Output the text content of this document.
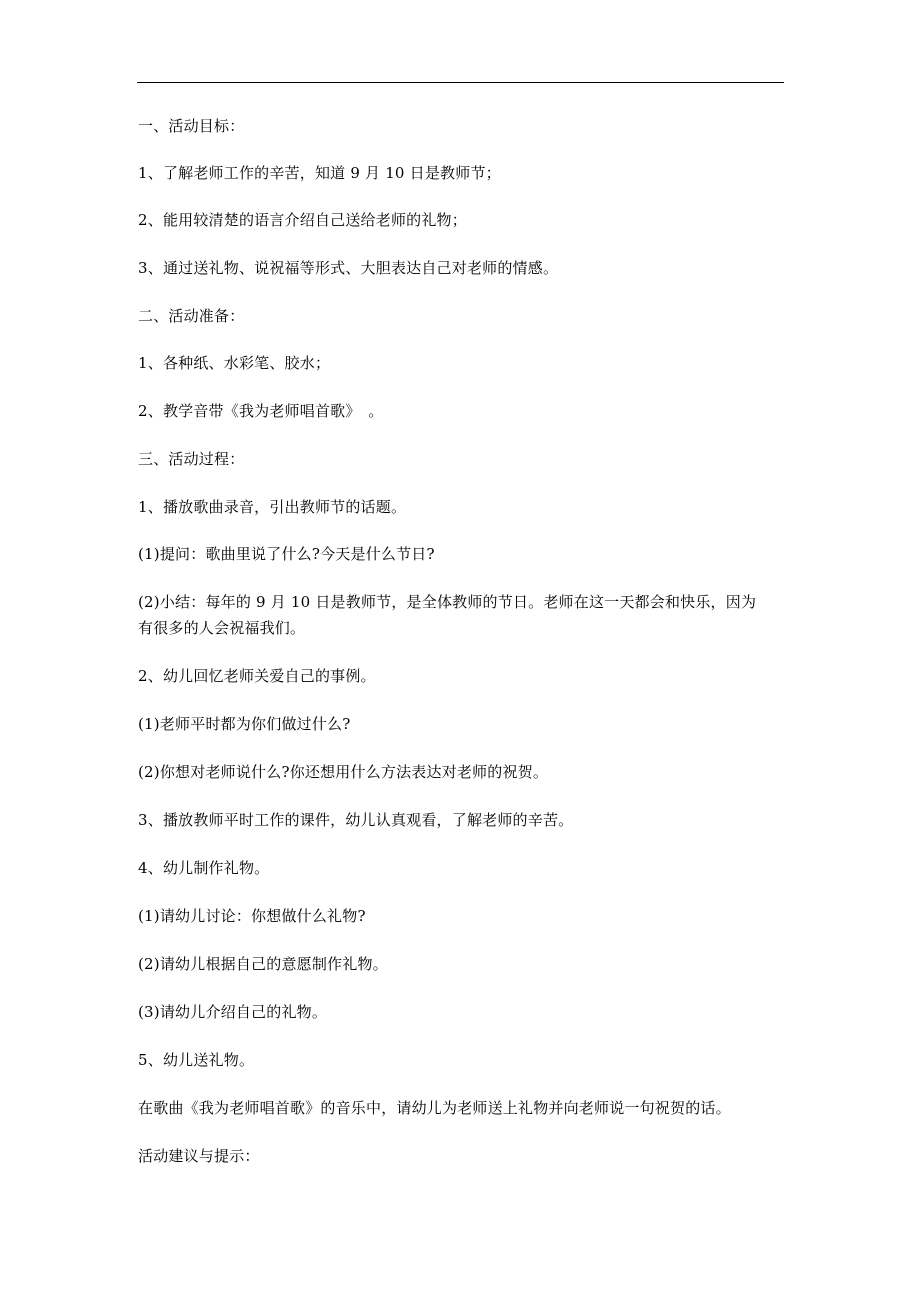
一、活动目标：
1、了解老师工作的辛苦，知道 9 月 10 日是教师节；
2、能用较清楚的语言介绍自己送给老师的礼物；
3、通过送礼物、说祝福等形式、大胆表达自己对老师的情感。
二、活动准备：
1、各种纸、水彩笔、胶水；
2、教学音带《我为老师唱首歌》　。
三、活动过程：
1、播放歌曲录音，引出教师节的话题。
(1)提问：歌曲里说了什么?今天是什么节日?
(2)小结：每年的 9 月 10 日是教师节，是全体教师的节日。老师在这一天都会和快乐，因为
有很多的人会祝福我们。
2、幼儿回忆老师关爱自己的事例。
(1)老师平时都为你们做过什么?
(2)你想对老师说什么?你还想用什么方法表达对老师的祝贺。
3、播放教师平时工作的课件，幼儿认真观看，了解老师的辛苦。
4、幼儿制作礼物。
(1)请幼儿讨论：你想做什么礼物?
(2)请幼儿根据自己的意愿制作礼物。
(3)请幼儿介绍自己的礼物。
5、幼儿送礼物。
在歌曲《我为老师唱首歌》的音乐中，请幼儿为老师送上礼物并向老师说一句祝贺的话。
活动建议与提示：
